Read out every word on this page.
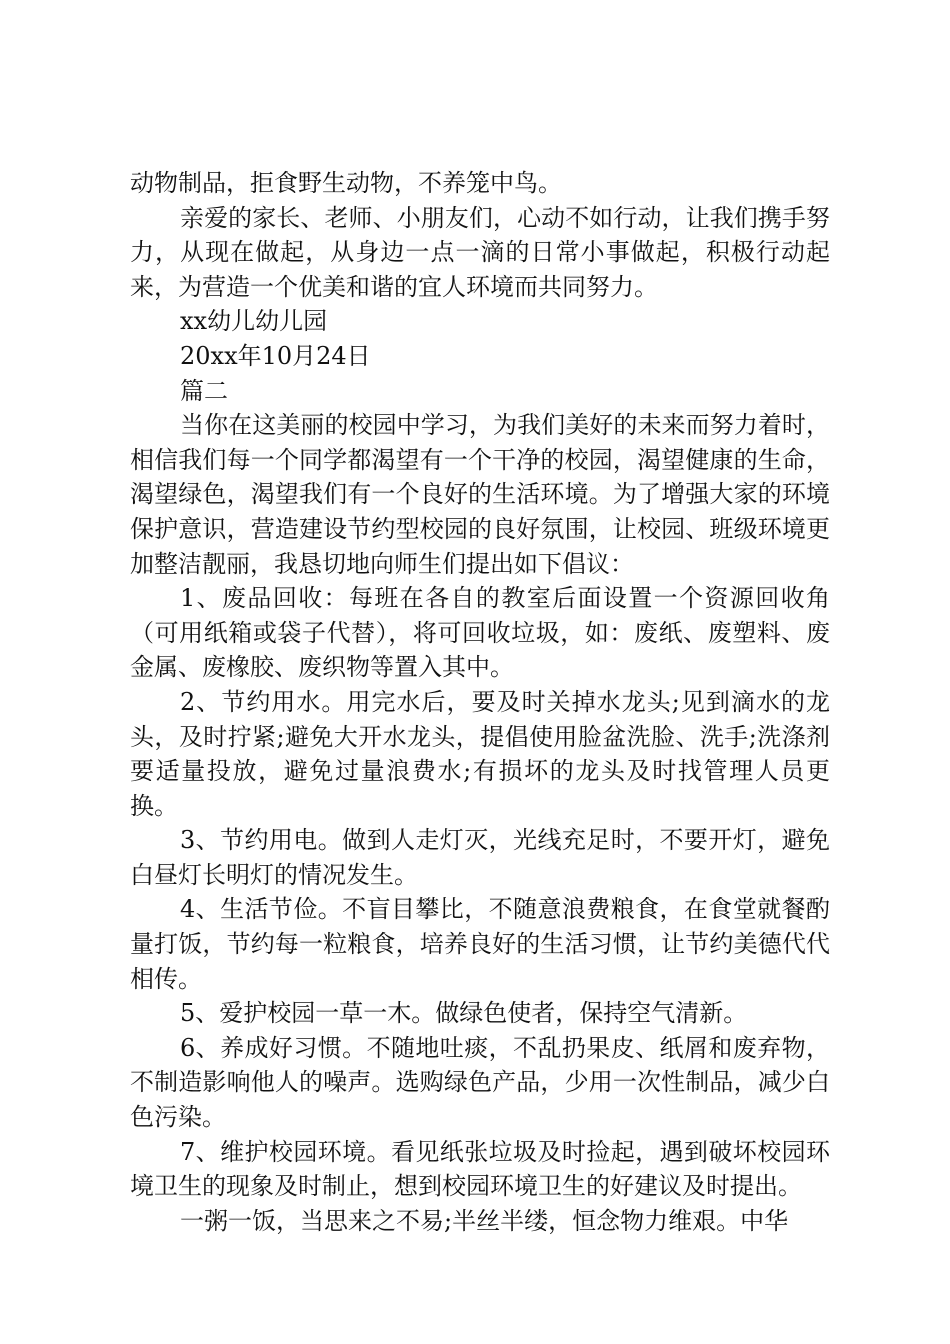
动物制品，拒食野生动物，不养笼中鸟。

亲爱的家长、老师、小朋友们，心动不如行动，让我们携手努力，从现在做起，从身边一点一滴的日常小事做起，积极行动起来，为营造一个优美和谐的宜人环境而共同努力。

xx幼儿幼儿园

20xx年10月24日

篇二

当你在这美丽的校园中学习，为我们美好的未来而努力着时，相信我们每一个同学都渴望有一个干净的校园，渴望健康的生命，渴望绿色，渴望我们有一个良好的生活环境。为了增强大家的环境保护意识，营造建设节约型校园的良好氛围，让校园、班级环境更加整洁靓丽，我恳切地向师生们提出如下倡议：

1、废品回收：每班在各自的教室后面设置一个资源回收角（可用纸箱或袋子代替），将可回收垃圾，如：废纸、废塑料、废金属、废橡胶、废织物等置入其中。

2、节约用水。用完水后，要及时关掉水龙头;见到滴水的龙头，及时拧紧;避免大开水龙头，提倡使用脸盆洗脸、洗手;洗涤剂要适量投放，避免过量浪费水;有损坏的龙头及时找管理人员更换。

3、节约用电。做到人走灯灭，光线充足时，不要开灯，避免白昼灯长明灯的情况发生。

4、生活节俭。不盲目攀比，不随意浪费粮食，在食堂就餐酌量打饭，节约每一粒粮食，培养良好的生活习惯，让节约美德代代相传。

5、爱护校园一草一木。做绿色使者，保持空气清新。

6、养成好习惯。不随地吐痰，不乱扔果皮、纸屑和废弃物，不制造影响他人的噪声。选购绿色产品，少用一次性制品，减少白色污染。

7、维护校园环境。看见纸张垃圾及时捡起，遇到破坏校园环境卫生的现象及时制止，想到校园环境卫生的好建议及时提出。

一粥一饭，当思来之不易;半丝半缕，恒念物力维艰。中华
